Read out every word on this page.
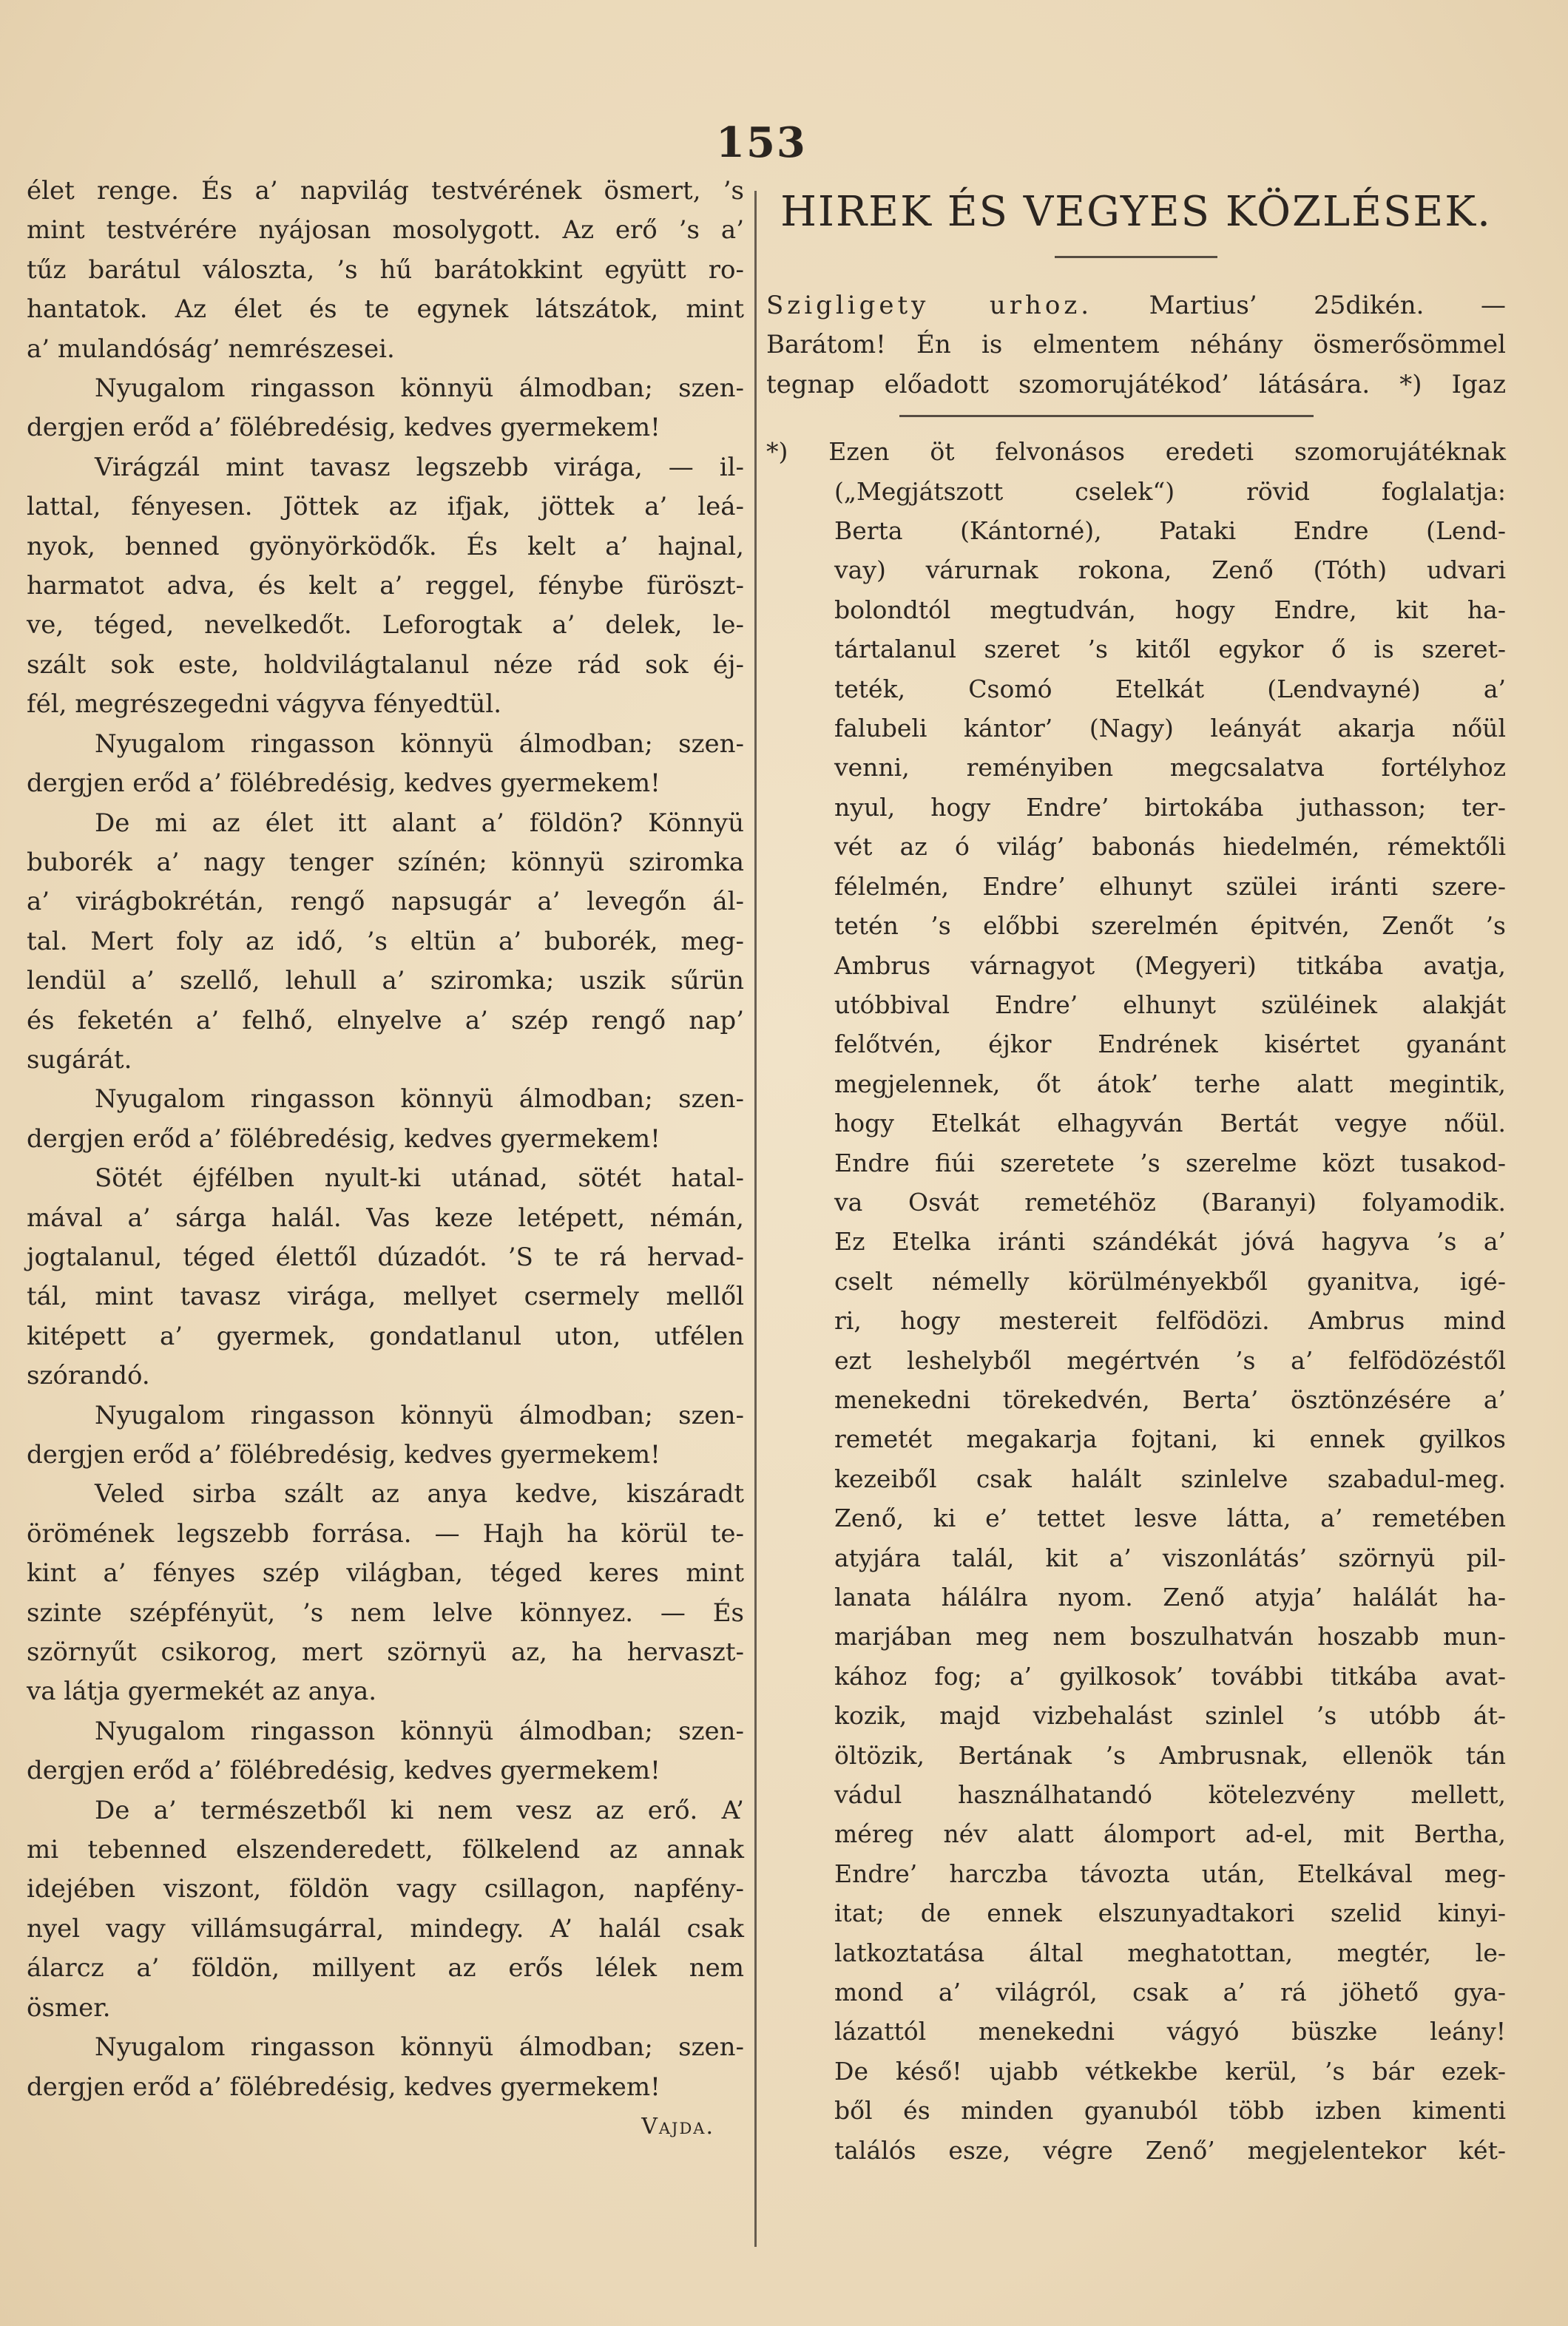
153
élet renge. És a’ napvilág testvérének ösmert, ’s
mint testvérére nyájosan mosolygott. Az erő ’s a’
tűz barátul váloszta, ’s hű barátokkint együtt ro-
hantatok. Az élet és te egynek látszátok, mint
a’ mulandóság’ nemrészesei.
Nyugalom ringasson könnyü álmodban; szen-
dergjen erőd a’ fölébredésig, kedves gyermekem!
Virágzál mint tavasz legszebb virága, — il-
lattal, fényesen. Jöttek az ifjak, jöttek a’ leá-
nyok, benned gyönyörködők. És kelt a’ hajnal,
harmatot adva, és kelt a’ reggel, fénybe füröszt-
ve, téged, nevelkedőt. Leforogtak a’ delek, le-
szált sok este, holdvilágtalanul néze rád sok éj-
fél, megrészegedni vágyva fényedtül.
Nyugalom ringasson könnyü álmodban; szen-
dergjen erőd a’ fölébredésig, kedves gyermekem!
De mi az élet itt alant a’ földön? Könnyü
buborék a’ nagy tenger színén; könnyü sziromka
a’ virágbokrétán, rengő napsugár a’ levegőn ál-
tal. Mert foly az idő, ’s eltün a’ buborék, meg-
lendül a’ szellő, lehull a’ sziromka; uszik sűrün
és feketén a’ felhő, elnyelve a’ szép rengő nap’
sugárát.
Nyugalom ringasson könnyü álmodban; szen-
dergjen erőd a’ fölébredésig, kedves gyermekem!
Sötét éjfélben nyult-ki utánad, sötét hatal-
mával a’ sárga halál. Vas keze letépett, némán,
jogtalanul, téged élettől dúzadót. ’S te rá hervad-
tál, mint tavasz virága, mellyet csermely mellől
kitépett a’ gyermek, gondatlanul uton, utfélen
szórandó.
Nyugalom ringasson könnyü álmodban; szen-
dergjen erőd a’ fölébredésig, kedves gyermekem!
Veled sirba szált az anya kedve, kiszáradt
örömének legszebb forrása. — Hajh ha körül te-
kint a’ fényes szép világban, téged keres mint
szinte szépfényüt, ’s nem lelve könnyez. — És
szörnyűt csikorog, mert szörnyü az, ha hervaszt-
va látja gyermekét az anya.
Nyugalom ringasson könnyü álmodban; szen-
dergjen erőd a’ fölébredésig, kedves gyermekem!
De a’ természetből ki nem vesz az erő. A’
mi tebenned elszenderedett, fölkelend az annak
idejében viszont, földön vagy csillagon, napfény-
nyel vagy villámsugárral, mindegy. A’ halál csak
álarcz a’ földön, millyent az erős lélek nem
ösmer.
Nyugalom ringasson könnyü álmodban; szen-
dergjen erőd a’ fölébredésig, kedves gyermekem!
Vajda.
HIREK ÉS VEGYES KÖZLÉSEK.
Szigligety urhoz. Martius’ 25dikén. —
Barátom! Én is elmentem néhány ösmerősömmel
tegnap előadott szomorujátékod’ látására. *) Igaz
*) Ezen öt felvonásos eredeti szomorujátéknak
(„Megjátszott cselek“) rövid foglalatja:
Berta (Kántorné), Pataki Endre (Lend-
vay) várurnak rokona, Zenő (Tóth) udvari
bolondtól megtudván, hogy Endre, kit ha-
tártalanul szeret ’s kitől egykor ő is szeret-
teték, Csomó Etelkát (Lendvayné) a’
falubeli kántor’ (Nagy) leányát akarja nőül
venni, reményiben megcsalatva fortélyhoz
nyul, hogy Endre’ birtokába juthasson; ter-
vét az ó világ’ babonás hiedelmén, rémektőli
félelmén, Endre’ elhunyt szülei iránti szere-
tetén ’s előbbi szerelmén épitvén, Zenőt ’s
Ambrus várnagyot (Megyeri) titkába avatja,
utóbbival Endre’ elhunyt szüléinek alakját
felőtvén, éjkor Endrének kisértet gyanánt
megjelennek, őt átok’ terhe alatt megintik,
hogy Etelkát elhagyván Bertát vegye nőül.
Endre fiúi szeretete ’s szerelme közt tusakod-
va Osvát remetéhöz (Baranyi) folyamodik.
Ez Etelka iránti szándékát jóvá hagyva ’s a’
cselt némelly körülményekből gyanitva, igé-
ri, hogy mestereit felfödözi. Ambrus mind
ezt leshelyből megértvén ’s a’ felfödözéstől
menekedni törekedvén, Berta’ ösztönzésére a’
remetét megakarja fojtani, ki ennek gyilkos
kezeiből csak halált szinlelve szabadul-meg.
Zenő, ki e’ tettet lesve látta, a’ remetében
atyjára talál, kit a’ viszonlátás’ szörnyü pil-
lanata hálálra nyom. Zenő atyja’ halálát ha-
marjában meg nem boszulhatván hoszabb mun-
kához fog; a’ gyilkosok’ további titkába avat-
kozik, majd vizbehalást szinlel ’s utóbb át-
öltözik, Bertának ’s Ambrusnak, ellenök tán
vádul használhatandó kötelezvény mellett,
méreg név alatt álomport ad-el, mit Bertha,
Endre’ harczba távozta után, Etelkával meg-
itat; de ennek elszunyadtakori szelid kinyi-
latkoztatása által meghatottan, megtér, le-
mond a’ világról, csak a’ rá jöhető gya-
lázattól menekedni vágyó büszke leány!
De késő! ujabb vétkekbe kerül, ’s bár ezek-
ből és minden gyanuból több izben kimenti
találós esze, végre Zenő’ megjelentekor két-
